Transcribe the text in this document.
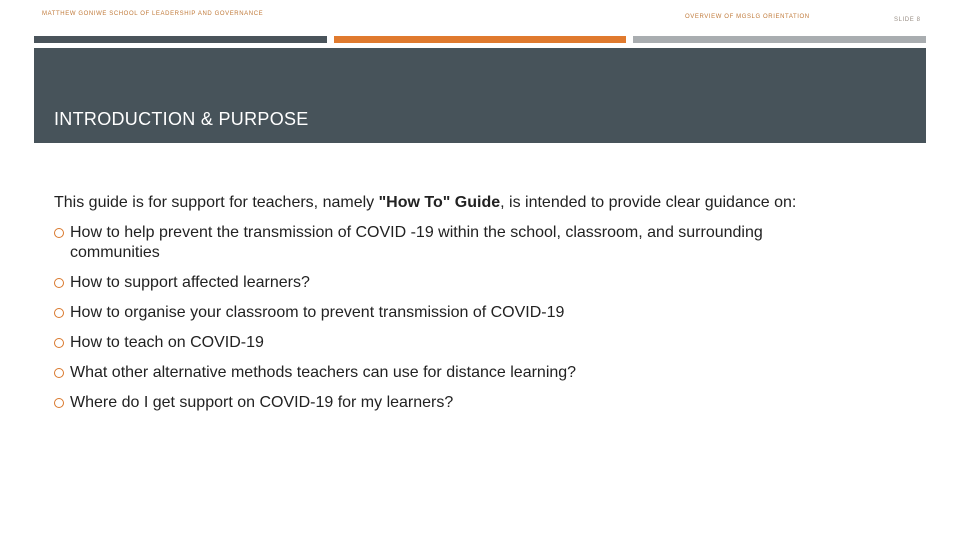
MATTHEW GONIWE SCHOOL OF LEADERSHIP AND GOVERNANCE	OVERVIEW OF MGSLG ORIENTATION	SLIDE 8
INTRODUCTION & PURPOSE

This guide is for support for teachers, namely "How To" Guide, is intended to provide clear guidance on:

How to help prevent the transmission of COVID -19 within the school, classroom, and surrounding
communities
How to support affected learners?
How to organise your classroom to prevent transmission of COVID-19
How to teach on COVID-19
What other alternative methods teachers can use for distance learning?
Where do I get support on COVID-19 for my learners?
